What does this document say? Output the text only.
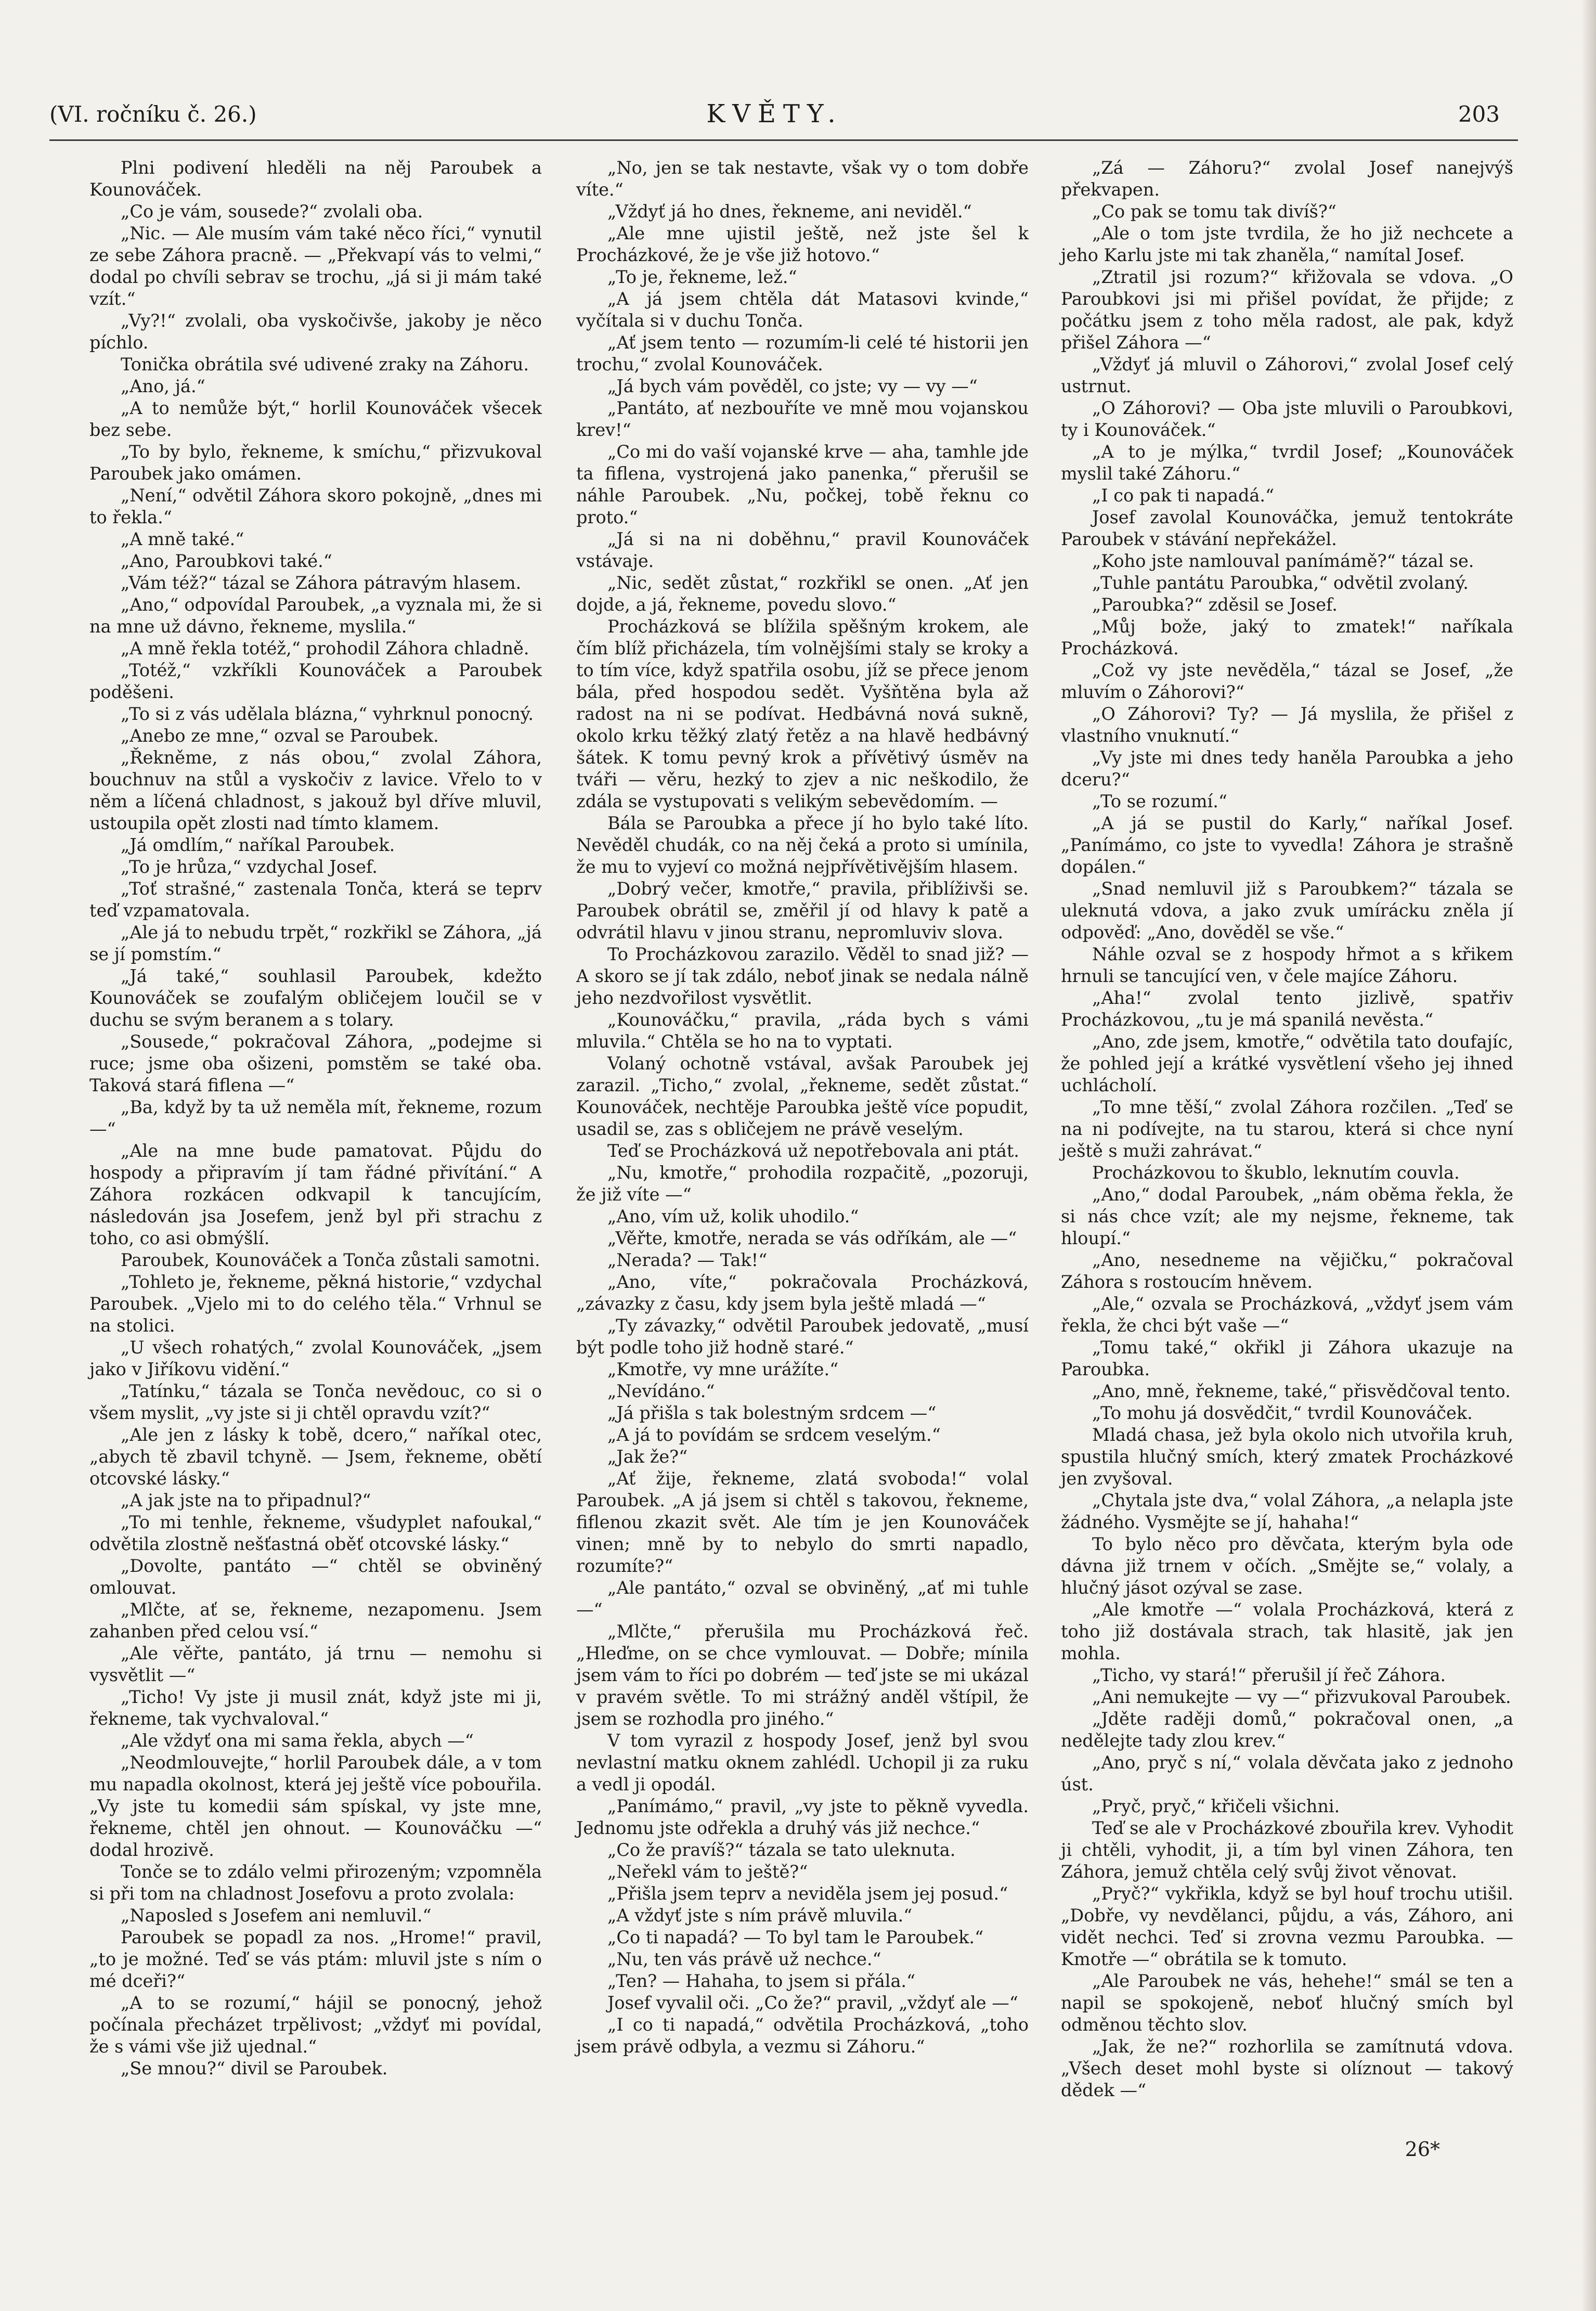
(VI. ročníku č. 26.)	KVĚTY.	203

Plni podivení hleděli na něj Paroubek a Kounováček.

„Co je vám, sousede?“ zvolali oba.

„Nic. — Ale musím vám také něco říci,“ vynutil ze sebe Záhora pracně. — „Překvapí vás to velmi,“ dodal po chvíli sebrav se trochu, „já si ji mám také vzít.“

„Vy?!“ zvolali, oba vyskočivše, jakoby je něco píchlo.

Tonička obrátila své udivené zraky na Záhoru.

„Ano, já.“

„A to nemůže být,“ horlil Kounováček všecek bez sebe.

„To by bylo, řekneme, k smíchu,“ přizvukoval Paroubek jako omámen.

„Není,“ odvětil Záhora skoro pokojně, „dnes mi to řekla.“

„A mně také.“

„Ano, Paroubkovi také.“

„Vám též?“ tázal se Záhora pátravým hlasem.

„Ano,“ odpovídal Paroubek, „a vyznala mi, že si na mne už dávno, řekneme, myslila.“

„A mně řekla totéž,“ prohodil Záhora chladně.

„Totéž,“ vzkříkli Kounováček a Paroubek poděšeni.

„To si z vás udělala blázna,“ vyhrknul ponocný.

„Anebo ze mne,“ ozval se Paroubek.

„Řekněme, z nás obou,“ zvolal Záhora, bouchnuv na stůl a vyskočiv z lavice. Vřelo to v něm a líčená chladnost, s jakouž byl dříve mluvil, ustoupila opět zlosti nad tímto klamem.

„Já omdlím,“ naříkal Paroubek.

„To je hrůza,“ vzdychal Josef.

„Toť strašné,“ zastenala Tonča, která se teprv teď vzpamatovala.

„Ale já to nebudu trpět,“ rozkřikl se Záhora, „já se jí pomstím.“

„Já také,“ souhlasil Paroubek, kdežto Kounováček se zoufalým obličejem loučil se v duchu se svým beranem a s tolary.

„Sousede,“ pokračoval Záhora, „podejme si ruce; jsme oba ošizeni, pomstěm se také oba. Taková stará fiflena —“

„Ba, když by ta už neměla mít, řekneme, rozum —“

„Ale na mne bude pamatovat. Půjdu do hospody a připravím jí tam řádné přivítání.“ A Záhora rozkácen odkvapil k tancujícím, následován jsa Josefem, jenž byl při strachu z toho, co asi obmýšlí.

Paroubek, Kounováček a Tonča zůstali samotni.

„Tohleto je, řekneme, pěkná historie,“ vzdychal Paroubek. „Vjelo mi to do celého těla.“ Vrhnul se na stolici.

„U všech rohatých,“ zvolal Kounováček, „jsem jako v Jiříkovu vidění.“

„Tatínku,“ tázala se Tonča nevědouc, co si o všem myslit, „vy jste si ji chtěl opravdu vzít?“

„Ale jen z lásky k tobě, dcero,“ naříkal otec, „abych tě zbavil tchyně. — Jsem, řekneme, obětí otcovské lásky.“

„A jak jste na to připadnul?“

„To mi tenhle, řekneme, všudyplet nafoukal,“ odvětila zlostně nešťastná oběť otcovské lásky.“

„Dovolte, pantáto —“ chtěl se obviněný omlouvat.

„Mlčte, ať se, řekneme, nezapomenu. Jsem zahanben před celou vsí.“

„Ale věřte, pantáto, já trnu — nemohu si vysvětlit —“

„Ticho! Vy jste ji musil znát, když jste mi ji, řekneme, tak vychvaloval.“

„Ale vždyť ona mi sama řekla, abych —“

„Neodmlouvejte,“ horlil Paroubek dále, a v tom mu napadla okolnost, která jej ještě více pobouřila. „Vy jste tu komedii sám spískal, vy jste mne, řekneme, chtěl jen ohnout. — Kounováčku —“ dodal hrozivě.

Tonče se to zdálo velmi přirozeným; vzpomněla si při tom na chladnost Josefovu a proto zvolala:

„Naposled s Josefem ani nemluvil.“

Paroubek se popadl za nos. „Hrome!“ pravil, „to je možné. Teď se vás ptám: mluvil jste s ním o mé dceři?“

„A to se rozumí,“ hájil se ponocný, jehož počínala přecházet trpělivost; „vždyť mi povídal, že s vámi vše již ujednal.“

„Se mnou?“ divil se Paroubek.

„No, jen se tak nestavte, však vy o tom dobře víte.“

„Vždyť já ho dnes, řekneme, ani neviděl.“

„Ale mne ujistil ještě, než jste šel k Procházkové, že je vše již hotovo.“

„To je, řekneme, lež.“

„A já jsem chtěla dát Matasovi kvinde,“ vyčítala si v duchu Tonča.

„Ať jsem tento — rozumím-li celé té historii jen trochu,“ zvolal Kounováček.

„Já bych vám pověděl, co jste; vy — vy —“

„Pantáto, ať nezbouříte ve mně mou vojanskou krev!“

„Co mi do vaší vojanské krve — aha, tamhle jde ta fiflena, vystrojená jako panenka,“ přerušil se náhle Paroubek. „Nu, počkej, tobě řeknu co proto.“

„Já si na ni doběhnu,“ pravil Kounováček vstávaje.

„Nic, sedět zůstat,“ rozkřikl se onen. „Ať jen dojde, a já, řekneme, povedu slovo.“

Procházková se blížila spěšným krokem, ale čím blíž přicházela, tím volnějšími staly se kroky a to tím více, když spatřila osobu, jíž se přece jenom bála, před hospodou sedět. Vyšňtěna byla až radost na ni se podívat. Hedbávná nová sukně, okolo krku těžký zlatý řetěz a na hlavě hedbávný šátek. K tomu pevný krok a přívětivý úsměv na tváři — věru, hezký to zjev a nic neškodilo, že zdála se vystupovati s velikým sebevědomím. —

Bála se Paroubka a přece jí ho bylo také líto. Nevěděl chudák, co na něj čeká a proto si umínila, že mu to vyjeví co možná nejpřívětivějším hlasem.

„Dobrý večer, kmotře,“ pravila, přiblíživši se. Paroubek obrátil se, změřil jí od hlavy k patě a odvrátil hlavu v jinou stranu, nepromluviv slova.

To Procházkovou zarazilo. Věděl to snad již? — A skoro se jí tak zdálo, neboť jinak se nedala nálně jeho nezdvořilost vysvětlit.

„Kounováčku,“ pravila, „ráda bych s vámi mluvila.“ Chtěla se ho na to vyptati.

Volaný ochotně vstával, avšak Paroubek jej zarazil. „Ticho,“ zvolal, „řekneme, sedět zůstat.“ Kounováček, nechtěje Paroubka ještě více popudit, usadil se, zas s obličejem ne právě veselým.

Teď se Procházková už nepotřebovala ani ptát.

„Nu, kmotře,“ prohodila rozpačitě, „pozoruji, že již víte —“

„Ano, vím už, kolik uhodilo.“

„Věřte, kmotře, nerada se vás odříkám, ale —“

„Nerada? — Tak!“

„Ano, víte,“ pokračovala Procházková, „závazky z času, kdy jsem byla ještě mladá —“

„Ty závazky,“ odvětil Paroubek jedovatě, „musí být podle toho již hodně staré.“

„Kmotře, vy mne urážíte.“

„Nevídáno.“

„Já přišla s tak bolestným srdcem —“

„A já to povídám se srdcem veselým.“

„Jak že?“

„Ať žije, řekneme, zlatá svoboda!“ volal Paroubek. „A já jsem si chtěl s takovou, řekneme, fiflenou zkazit svět. Ale tím je jen Kounováček vinen; mně by to nebylo do smrti napadlo, rozumíte?“

„Ale pantáto,“ ozval se obviněný, „ať mi tuhle —“

„Mlčte,“ přerušila mu Procházková řeč. „Hleďme, on se chce vymlouvat. — Dobře; mínila jsem vám to říci po dobrém — teď jste se mi ukázal v pravém světle. To mi strážný anděl vštípil, že jsem se rozhodla pro jiného.“

V tom vyrazil z hospody Josef, jenž byl svou nevlastní matku oknem zahlédl. Uchopil ji za ruku a vedl ji opodál.

„Panímámo,“ pravil, „vy jste to pěkně vyvedla. Jednomu jste odřekla a druhý vás již nechce.“

„Co že pravíš?“ tázala se tato uleknuta.

„Neřekl vám to ještě?“

„Přišla jsem teprv a neviděla jsem jej posud.“

„A vždyť jste s ním právě mluvila.“

„Co ti napadá? — To byl tam le Paroubek.“

„Nu, ten vás právě už nechce.“

„Ten? — Hahaha, to jsem si přála.“

Josef vyvalil oči. „Co že?“ pravil, „vždyť ale —“

„I co ti napadá,“ odvětila Procházková, „toho jsem právě odbyla, a vezmu si Záhoru.“

„Zá — Záhoru?“ zvolal Josef nanejvýš překvapen.

„Co pak se tomu tak divíš?“

„Ale o tom jste tvrdila, že ho již nechcete a jeho Karlu jste mi tak zhaněla,“ namítal Josef.

„Ztratil jsi rozum?“ křižovala se vdova. „O Paroubkovi jsi mi přišel povídat, že přijde; z počátku jsem z toho měla radost, ale pak, když přišel Záhora —“

„Vždyť já mluvil o Záhorovi,“ zvolal Josef celý ustrnut.

„O Záhorovi? — Oba jste mluvili o Paroubkovi, ty i Kounováček.“

„A to je mýlka,“ tvrdil Josef; „Kounováček myslil také Záhoru.“

„I co pak ti napadá.“

Josef zavolal Kounováčka, jemuž tentokráte Paroubek v stávání nepřekážel.

„Koho jste namlouval panímámě?“ tázal se.

„Tuhle pantátu Paroubka,“ odvětil zvolaný.

„Paroubka?“ zděsil se Josef.

„Můj bože, jaký to zmatek!“ naříkala Procházková.

„Což vy jste nevěděla,“ tázal se Josef, „že mluvím o Záhorovi?“

„O Záhorovi? Ty? — Já myslila, že přišel z vlastního vnuknutí.“

„Vy jste mi dnes tedy haněla Paroubka a jeho dceru?“

„To se rozumí.“

„A já se pustil do Karly,“ naříkal Josef. „Panímámo, co jste to vyvedla! Záhora je strašně dopálen.“

„Snad nemluvil již s Paroubkem?“ tázala se uleknutá vdova, a jako zvuk umírácku zněla jí odpověď: „Ano, dověděl se vše.“

Náhle ozval se z hospody hřmot a s křikem hrnuli se tancující ven, v čele majíce Záhoru.

„Aha!“ zvolal tento jizlivě, spatřiv Procházkovou, „tu je má spanilá nevěsta.“

„Ano, zde jsem, kmotře,“ odvětila tato doufajíc, že pohled její a krátké vysvětlení všeho jej ihned uchlácholí.

„To mne těší,“ zvolal Záhora rozčilen. „Teď se na ni podívejte, na tu starou, která si chce nyní ještě s muži zahrávat.“

Procházkovou to škublo, leknutím couvla.

„Ano,“ dodal Paroubek, „nám oběma řekla, že si nás chce vzít; ale my nejsme, řekneme, tak hloupí.“

„Ano, nesedneme na vějičku,“ pokračoval Záhora s rostoucím hněvem.

„Ale,“ ozvala se Procházková, „vždyť jsem vám řekla, že chci být vaše —“

„Tomu také,“ okřikl ji Záhora ukazuje na Paroubka.

„Ano, mně, řekneme, také,“ přisvědčoval tento.

„To mohu já dosvědčit,“ tvrdil Kounováček.

Mladá chasa, jež byla okolo nich utvořila kruh, spustila hlučný smích, který zmatek Procházkové jen zvyšoval.

„Chytala jste dva,“ volal Záhora, „a nelapla jste žádného. Vysmějte se jí, hahaha!“

To bylo něco pro děvčata, kterým byla ode dávna již trnem v očích. „Smějte se,“ volaly, a hlučný jásot ozýval se zase.

„Ale kmotře —“ volala Procházková, která z toho již dostávala strach, tak hlasitě, jak jen mohla.

„Ticho, vy stará!“ přerušil jí řeč Záhora.

„Ani nemukejte — vy —“ přizvukoval Paroubek.

„Jděte raději domů,“ pokračoval onen, „a nedělejte tady zlou krev.“

„Ano, pryč s ní,“ volala děvčata jako z jednoho úst.

„Pryč, pryč,“ křičeli všichni.

Teď se ale v Procházkové zbouřila krev. Vyhodit ji chtěli, vyhodit, ji, a tím byl vinen Záhora, ten Záhora, jemuž chtěla celý svůj život věnovat.

„Pryč?“ vykřikla, když se byl houf trochu utišil. „Dobře, vy nevdělanci, půjdu, a vás, Záhoro, ani vidět nechci. Teď si zrovna vezmu Paroubka. — Kmotře —“ obrátila se k tomuto.

„Ale Paroubek ne vás, hehehe!“ smál se ten a napil se spokojeně, neboť hlučný smích byl odměnou těchto slov.

„Jak, že ne?“ rozhorlila se zamítnutá vdova. „Všech deset mohl byste si olíznout — takový dědek —“

26*
